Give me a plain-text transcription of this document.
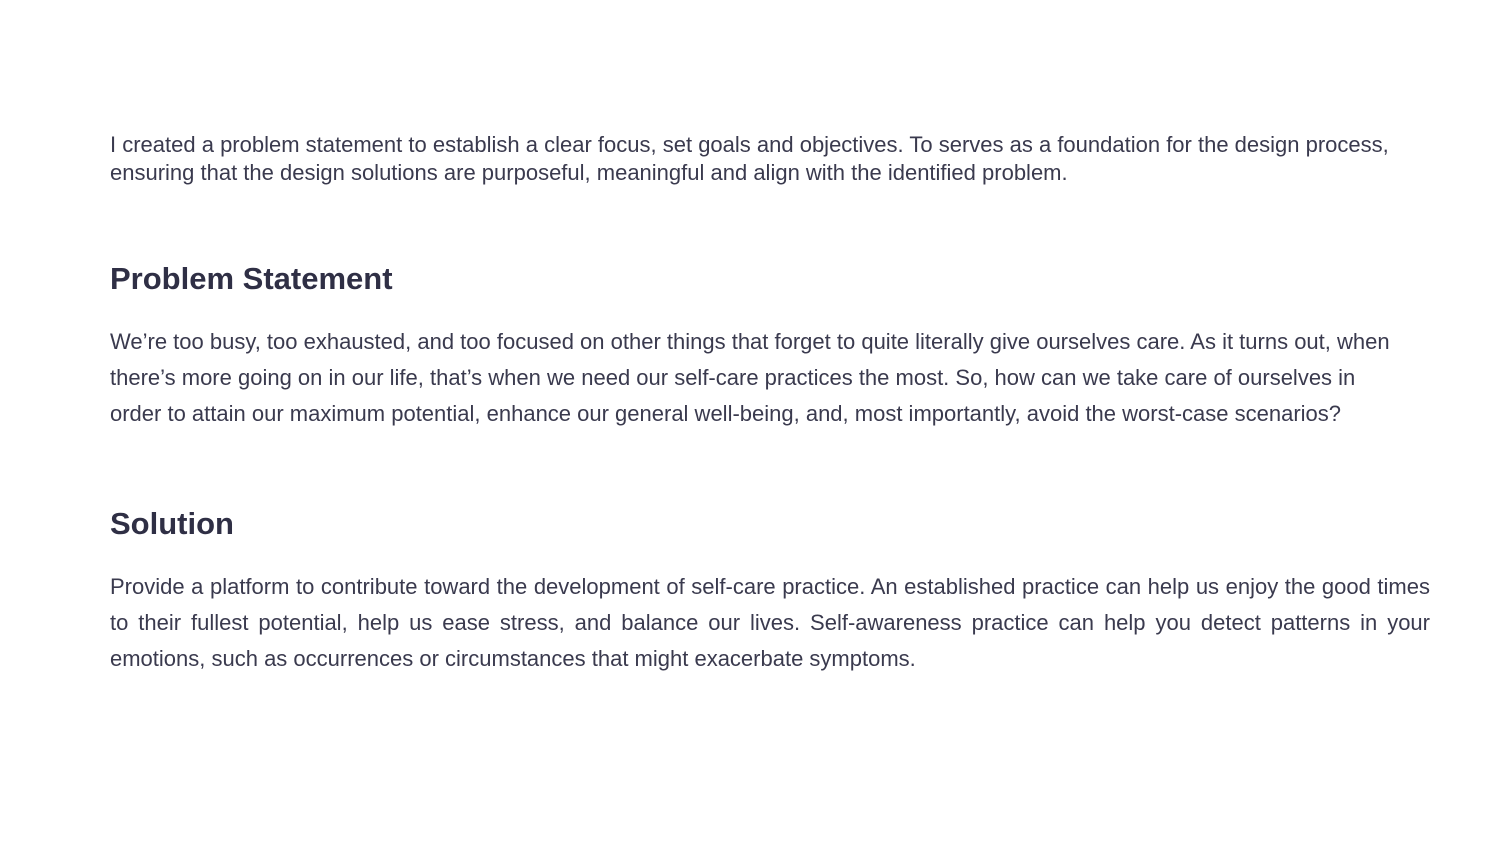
I created a problem statement to establish a clear focus, set goals and objectives. To serves as a foundation for the design process, ensuring that the design solutions are purposeful, meaningful and align with the identified problem.

Problem Statement

We’re too busy, too exhausted, and too focused on other things that forget to quite literally give ourselves care. As it turns out, when there’s more going on in our life, that’s when we need our self-care practices the most. So, how can we take care of ourselves in order to attain our maximum potential, enhance our general well-being, and, most importantly, avoid the worst-case scenarios?

Solution

Provide a platform to contribute toward the development of self-care practice. An established practice can help us enjoy the good times to their fullest potential, help us ease stress, and balance our lives. Self-awareness practice can help you detect patterns in your emotions, such as occurrences or circumstances that might exacerbate symptoms.
